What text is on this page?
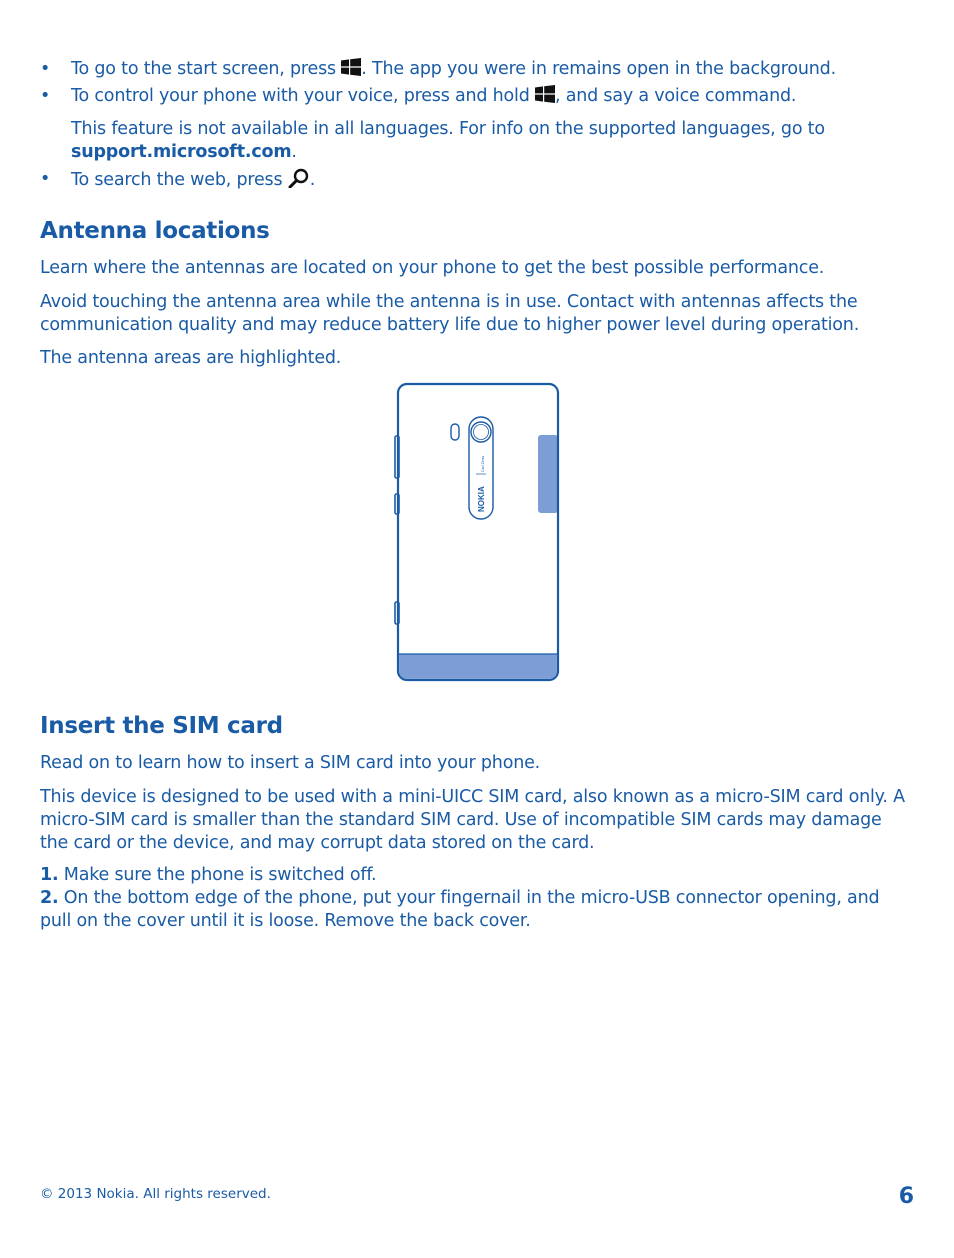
• To go to the start screen, press . The app you were in remains open in the background.
• To control your phone with your voice, press and hold , and say a voice command.
This feature is not available in all languages. For info on the supported languages, go to
support.microsoft.com.
• To search the web, press .
Antenna locations
Learn where the antennas are located on your phone to get the best possible performance.
Avoid touching the antenna area while the antenna is in use. Contact with antennas affects the
communication quality and may reduce battery life due to higher power level during operation.
The antenna areas are highlighted.
NOKIA
Carl Zeiss
Insert the SIM card
Read on to learn how to insert a SIM card into your phone.
This device is designed to be used with a mini-UICC SIM card, also known as a micro-SIM card only. A
micro-SIM card is smaller than the standard SIM card. Use of incompatible SIM cards may damage
the card or the device, and may corrupt data stored on the card.
1. Make sure the phone is switched off.
2. On the bottom edge of the phone, put your fingernail in the micro-USB connector opening, and
pull on the cover until it is loose. Remove the back cover.
© 2013 Nokia. All rights reserved.	6
